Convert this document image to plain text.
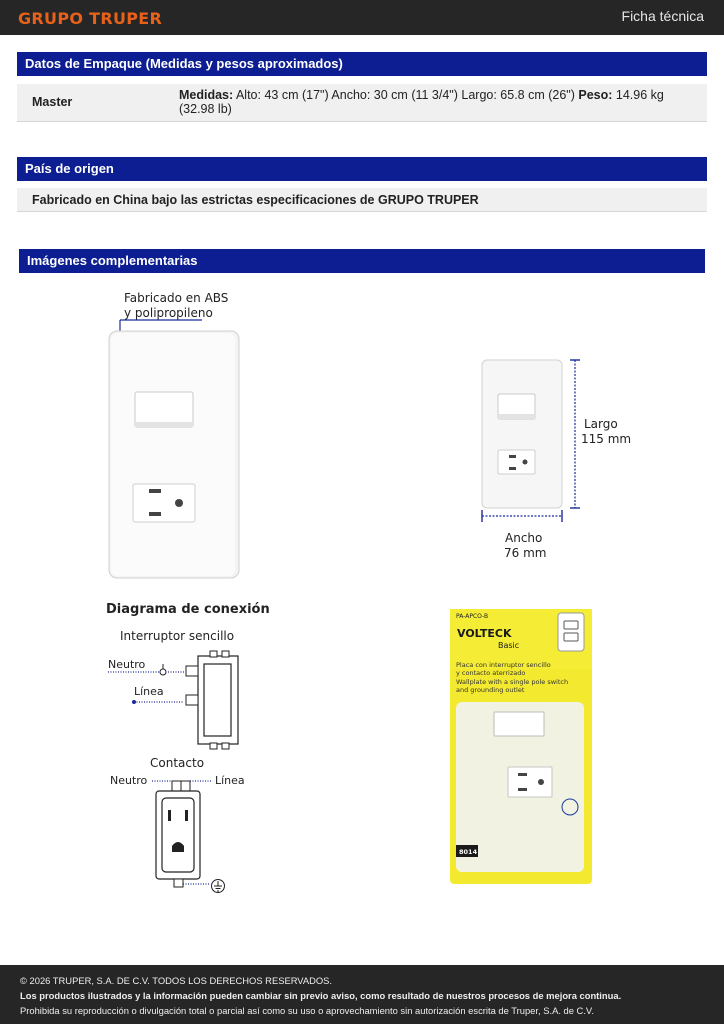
GRUPO TRUPER	Ficha técnica
Datos de Empaque (Medidas y pesos aproximados)
Master	Medidas: Alto: 43 cm (17") Ancho: 30 cm (11 3/4") Largo: 65.8 cm (26") Peso: 14.96 kg (32.98 lb)
País de origen
Fabricado en China bajo las estrictas especificaciones de GRUPO TRUPER
Imágenes complementarias
Fabricado en ABS
y polipropileno
Largo
115 mm
Ancho
76 mm
Diagrama de conexión
Interruptor sencillo
Neutro
Línea
Contacto
Neutro	Línea
PA-APCO-B
VOLTECK
Basic
Placa con interruptor sencillo
y contacto aterrizado
Wallplate with a single pole switch
and grounding outlet
8014
© 2026 TRUPER, S.A. DE C.V. TODOS LOS DERECHOS RESERVADOS.
Los productos ilustrados y la información pueden cambiar sin previo aviso, como resultado de nuestros procesos de mejora continua.
Prohibida su reproducción o divulgación total o parcial así como su uso o aprovechamiento sin autorización escrita de Truper, S.A. de C.V.
